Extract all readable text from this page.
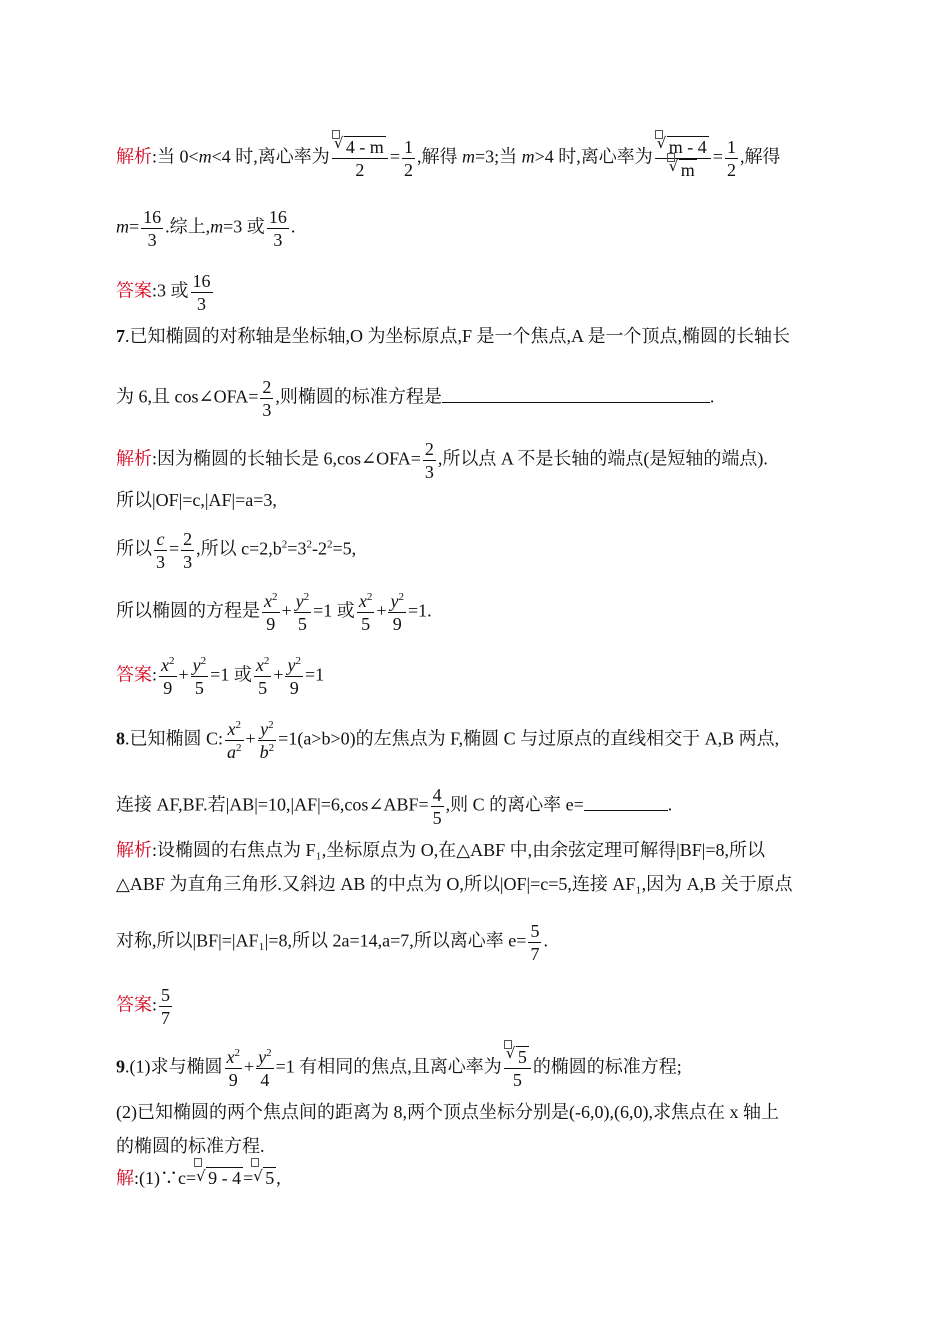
解析:当 0<m<4 时,离心率为 $\frac{√ 4 - m}{2} = \frac{1}{2}$ ,解得 m=3;当 m>4 时,离心率为 $\frac{√ m - 4}{√ m} = \frac{1}{2}$ ,解得
$m= \frac{16}{3}$ .综上,m=3 或 $\frac{16}{3}$ .
答案:3 或 $\frac{16}{3}$
7.已知椭圆的对称轴是坐标轴,O 为坐标原点,F 是一个焦点,A 是一个顶点,椭圆的长轴长
为 6,且 cos∠OFA= $\frac{2}{3}$ ,则椭圆的标准方程是	.
解析:因为椭圆的长轴长是 6,cos∠OFA= $\frac{2}{3}$ ,所以点 A 不是长轴的端点(是短轴的端点).
所以|OF|=c,|AF|=a=3,
所以 $\frac{c}{3} = \frac{2}{3}$ ,所以 $c=2,b^2=3^2-2^2=5$,
所以椭圆的方程是 $\frac{x^2}{9} + \frac{y^2}{5} =1$ 或 $\frac{x^2}{5} + \frac{y^2}{9} =1$.
答案: $\frac{x^2}{9} + \frac{y^2}{5} =1$ 或 $\frac{x^2}{5} + \frac{y^2}{9} =1$
8.已知椭圆 C: $\frac{x^2}{a^2} + \frac{y^2}{b^2} =1(a>b>0)$的左焦点为 F,椭圆 C 与过原点的直线相交于 A,B 两点,
连接 AF,BF.若|AB|=10,|AF|=6,cos∠ABF= $\frac{4}{5}$ ,则 C 的离心率 e=	.
解析:设椭圆的右焦点为 F₁,坐标原点为 O,在△ABF 中,由余弦定理可解得|BF|=8,所以
△ABF 为直角三角形.又斜边 AB 的中点为 O,所以|OF|=c=5,连接 AF₁,因为 A,B 关于原点
对称,所以|BF|=|AF₁|=8,所以 2a=14,a=7,所以离心率 $e= \frac{5}{7}$ .
答案: $\frac{5}{7}$
9.(1)求与椭圆 $\frac{x^2}{9} + \frac{y^2}{4} =1$ 有相同的焦点,且离心率为 $\frac{√ 5}{5}$ 的椭圆的标准方程;
(2)已知椭圆的两个焦点间的距离为 8,两个顶点坐标分别是(-6,0),(6,0),求焦点在 x 轴上
的椭圆的标准方程.
解:(1)∵c= √ 9 - 4 = √ 5 ,
